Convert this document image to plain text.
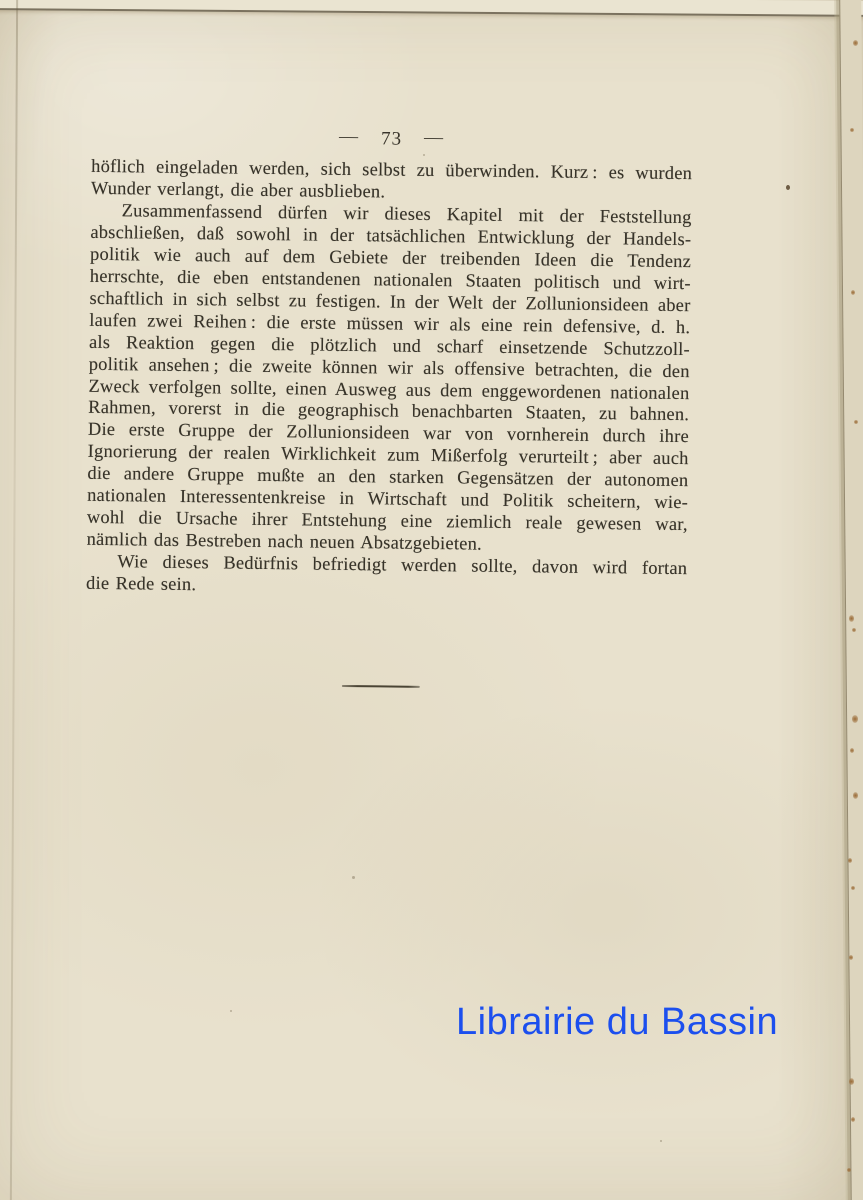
— 73 —
höflich eingeladen werden, sich selbst zu überwinden. Kurz : es wurden
Wunder verlangt, die aber ausblieben.
Zusammenfassend dürfen wir dieses Kapitel mit der Feststellung
abschließen, daß sowohl in der tatsächlichen Entwicklung der Handels-
politik wie auch auf dem Gebiete der treibenden Ideen die Tendenz
herrschte, die eben entstandenen nationalen Staaten politisch und wirt-
schaftlich in sich selbst zu festigen. In der Welt der Zollunionsideen aber
laufen zwei Reihen : die erste müssen wir als eine rein defensive, d. h.
als Reaktion gegen die plötzlich und scharf einsetzende Schutzzoll-
politik ansehen ; die zweite können wir als offensive betrachten, die den
Zweck verfolgen sollte, einen Ausweg aus dem enggewordenen nationalen
Rahmen, vorerst in die geographisch benachbarten Staaten, zu bahnen.
Die erste Gruppe der Zollunionsideen war von vornherein durch ihre
Ignorierung der realen Wirklichkeit zum Mißerfolg verurteilt ; aber auch
die andere Gruppe mußte an den starken Gegensätzen der autonomen
nationalen Interessentenkreise in Wirtschaft und Politik scheitern, wie-
wohl die Ursache ihrer Entstehung eine ziemlich reale gewesen war,
nämlich das Bestreben nach neuen Absatzgebieten.
Wie dieses Bedürfnis befriedigt werden sollte, davon wird fortan
die Rede sein.
Librairie du Bassin
